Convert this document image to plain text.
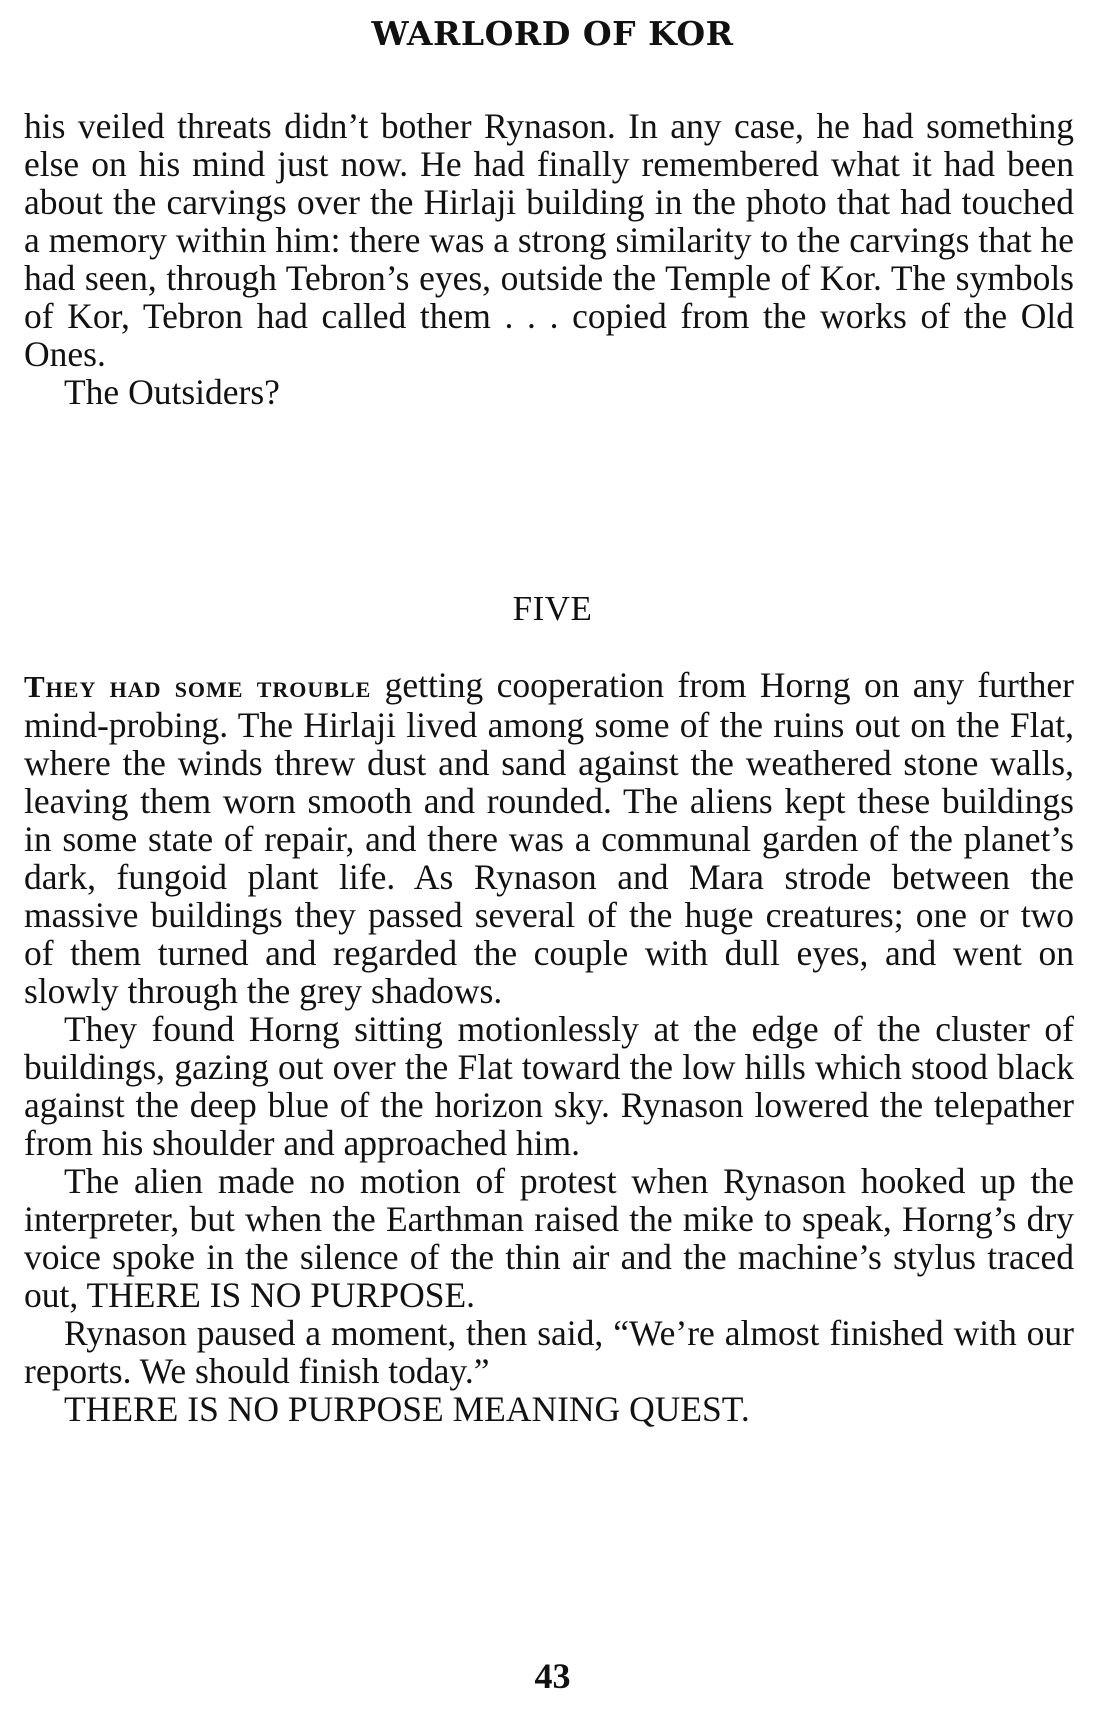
WARLORD OF KOR

his veiled threats didn’t bother Rynason. In any case, he had something else on his mind just now. He had finally remembered what it had been about the carvings over the Hirlaji building in the photo that had touched a memory within him: there was a strong similarity to the carvings that he had seen, through Tebron’s eyes, outside the Temple of Kor. The symbols of Kor, Tebron had called them . . . copied from the works of the Old Ones.

The Outsiders?

FIVE

They had some trouble getting cooperation from Horng on any further mind-probing. The Hirlaji lived among some of the ruins out on the Flat, where the winds threw dust and sand against the weathered stone walls, leaving them worn smooth and rounded. The aliens kept these buildings in some state of repair, and there was a communal garden of the planet’s dark, fungoid plant life. As Rynason and Mara strode between the massive buildings they passed several of the huge creatures; one or two of them turned and regarded the couple with dull eyes, and went on slowly through the grey shadows.

They found Horng sitting motionlessly at the edge of the cluster of buildings, gazing out over the Flat toward the low hills which stood black against the deep blue of the horizon sky. Rynason lowered the telepather from his shoulder and approached him.

The alien made no motion of protest when Rynason hooked up the interpreter, but when the Earthman raised the mike to speak, Horng’s dry voice spoke in the silence of the thin air and the machine’s stylus traced out, THERE IS NO PURPOSE.

Rynason paused a moment, then said, “We’re almost finished with our reports. We should finish today.”

THERE IS NO PURPOSE MEANING QUEST.

43
